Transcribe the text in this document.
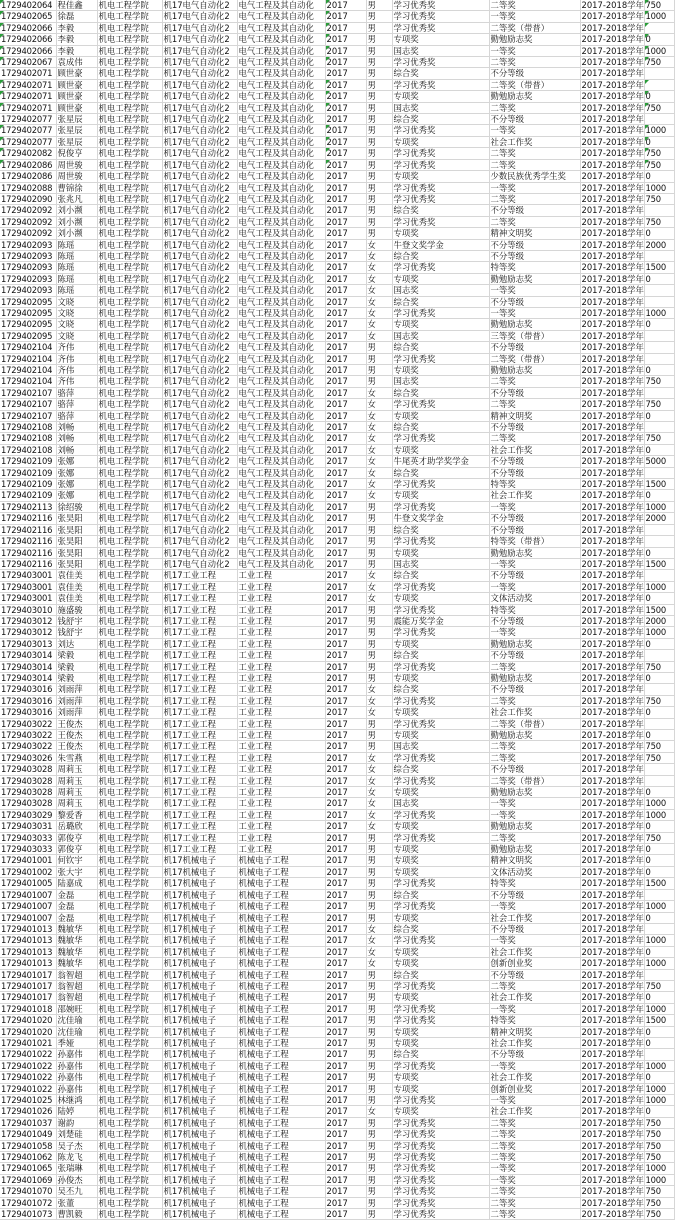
1729402064	程佳鑫	机电工程学院	机17电气自动化2	电气工程及其自动化	2017	男	学习优秀奖	二等奖	2017-2018学年	750
1729402065	徐磊	机电工程学院	机17电气自动化2	电气工程及其自动化	2017	男	学习优秀奖	一等奖	2017-2018学年	1000
1729402066	李毅	机电工程学院	机17电气自动化2	电气工程及其自动化	2017	男	学习优秀奖	二等奖（带普）	2017-2018学年	
1729402066	李毅	机电工程学院	机17电气自动化2	电气工程及其自动化	2017	男	专项奖	勤勉励志奖	2017-2018学年	0
1729402066	李毅	机电工程学院	机17电气自动化2	电气工程及其自动化	2017	男	国志奖	一等奖	2017-2018学年	1000
1729402067	袁成伟	机电工程学院	机17电气自动化2	电气工程及其自动化	2017	男	学习优秀奖	二等奖	2017-2018学年	750
1729402071	顾世豪	机电工程学院	机17电气自动化2	电气工程及其自动化	2017	男	综合奖	不分等级	2017-2018学年	
1729402071	顾世豪	机电工程学院	机17电气自动化2	电气工程及其自动化	2017	男	学习优秀奖	二等奖（带普）	2017-2018学年	
1729402071	顾世豪	机电工程学院	机17电气自动化2	电气工程及其自动化	2017	男	专项奖	勤勉励志奖	2017-2018学年	0
1729402071	顾世豪	机电工程学院	机17电气自动化2	电气工程及其自动化	2017	男	国志奖	二等奖	2017-2018学年	750
1729402077	张星辰	机电工程学院	机17电气自动化2	电气工程及其自动化	2017	男	综合奖	不分等级	2017-2018学年	
1729402077	张星辰	机电工程学院	机17电气自动化2	电气工程及其自动化	2017	男	学习优秀奖	一等奖	2017-2018学年	1000
1729402077	张星辰	机电工程学院	机17电气自动化2	电气工程及其自动化	2017	男	专项奖	社会工作奖	2017-2018学年	0
1729402082	倪俊亨	机电工程学院	机17电气自动化2	电气工程及其自动化	2017	男	学习优秀奖	二等奖	2017-2018学年	750
1729402086	周世骏	机电工程学院	机17电气自动化2	电气工程及其自动化	2017	男	学习优秀奖	二等奖	2017-2018学年	750
1729402086	周世骏	机电工程学院	机17电气自动化2	电气工程及其自动化	2017	男	专项奖	少数民族优秀学生奖	2017-2018学年	0
1729402088	曹锦徐	机电工程学院	机17电气自动化2	电气工程及其自动化	2017	男	学习优秀奖	一等奖	2017-2018学年	1000
1729402090	张兆凡	机电工程学院	机17电气自动化2	电气工程及其自动化	2017	男	学习优秀奖	二等奖	2017-2018学年	750
1729402092	刘小濒	机电工程学院	机17电气自动化2	电气工程及其自动化	2017	男	综合奖	不分等级	2017-2018学年	
1729402092	刘小濒	机电工程学院	机17电气自动化2	电气工程及其自动化	2017	男	学习优秀奖	二等奖	2017-2018学年	750
1729402092	刘小濒	机电工程学院	机17电气自动化2	电气工程及其自动化	2017	男	专项奖	精神文明奖	2017-2018学年	0
1729402093	陈瑶	机电工程学院	机17电气自动化2	电气工程及其自动化	2017	女	牛登文奖学金	不分等级	2017-2018学年	2000
1729402093	陈瑶	机电工程学院	机17电气自动化2	电气工程及其自动化	2017	女	综合奖	不分等级	2017-2018学年	
1729402093	陈瑶	机电工程学院	机17电气自动化2	电气工程及其自动化	2017	女	学习优秀奖	特等奖	2017-2018学年	1500
1729402093	陈瑶	机电工程学院	机17电气自动化2	电气工程及其自动化	2017	女	专项奖	勤勉励志奖	2017-2018学年	0
1729402093	陈瑶	机电工程学院	机17电气自动化2	电气工程及其自动化	2017	女	国志奖	一等奖	2017-2018学年	
1729402095	文晓	机电工程学院	机17电气自动化2	电气工程及其自动化	2017	女	综合奖	不分等级	2017-2018学年	
1729402095	文晓	机电工程学院	机17电气自动化2	电气工程及其自动化	2017	女	学习优秀奖	一等奖	2017-2018学年	1000
1729402095	文晓	机电工程学院	机17电气自动化2	电气工程及其自动化	2017	女	专项奖	勤勉励志奖	2017-2018学年	0
1729402095	文晓	机电工程学院	机17电气自动化2	电气工程及其自动化	2017	女	国志奖	三等奖（带普）	2017-2018学年	
1729402104	齐伟	机电工程学院	机17电气自动化2	电气工程及其自动化	2017	男	综合奖	不分等级	2017-2018学年	
1729402104	齐伟	机电工程学院	机17电气自动化2	电气工程及其自动化	2017	男	学习优秀奖	二等奖（带普）	2017-2018学年	
1729402104	齐伟	机电工程学院	机17电气自动化2	电气工程及其自动化	2017	男	专项奖	勤勉励志奖	2017-2018学年	0
1729402104	齐伟	机电工程学院	机17电气自动化2	电气工程及其自动化	2017	男	国志奖	二等奖	2017-2018学年	750
1729402107	骆萍	机电工程学院	机17电气自动化2	电气工程及其自动化	2017	女	综合奖	不分等级	2017-2018学年	
1729402107	骆萍	机电工程学院	机17电气自动化2	电气工程及其自动化	2017	女	学习优秀奖	二等奖	2017-2018学年	750
1729402107	骆萍	机电工程学院	机17电气自动化2	电气工程及其自动化	2017	女	专项奖	精神文明奖	2017-2018学年	0
1729402108	刘畅	机电工程学院	机17电气自动化2	电气工程及其自动化	2017	女	综合奖	不分等级	2017-2018学年	
1729402108	刘畅	机电工程学院	机17电气自动化2	电气工程及其自动化	2017	女	学习优秀奖	二等奖	2017-2018学年	750
1729402108	刘畅	机电工程学院	机17电气自动化2	电气工程及其自动化	2017	女	专项奖	社会工作奖	2017-2018学年	0
1729402109	张娜	机电工程学院	机17电气自动化2	电气工程及其自动化	2017	女	牛尾英才助学奖学金	不分等级	2017-2018学年	5000
1729402109	张娜	机电工程学院	机17电气自动化2	电气工程及其自动化	2017	女	综合奖	不分等级	2017-2018学年	
1729402109	张娜	机电工程学院	机17电气自动化2	电气工程及其自动化	2017	女	学习优秀奖	特等奖	2017-2018学年	1500
1729402109	张娜	机电工程学院	机17电气自动化2	电气工程及其自动化	2017	女	专项奖	社会工作奖	2017-2018学年	0
1729402113	徐绍骏	机电工程学院	机17电气自动化2	电气工程及其自动化	2017	男	学习优秀奖	一等奖	2017-2018学年	1000
1729402116	张昊阳	机电工程学院	机17电气自动化2	电气工程及其自动化	2017	男	牛登文奖学金	不分等级	2017-2018学年	2000
1729402116	张昊阳	机电工程学院	机17电气自动化2	电气工程及其自动化	2017	男	综合奖	不分等级	2017-2018学年	
1729402116	张昊阳	机电工程学院	机17电气自动化2	电气工程及其自动化	2017	男	学习优秀奖	特等奖（带普）	2017-2018学年	
1729402116	张昊阳	机电工程学院	机17电气自动化2	电气工程及其自动化	2017	男	专项奖	勤勉励志奖	2017-2018学年	0
1729402116	张昊阳	机电工程学院	机17电气自动化2	电气工程及其自动化	2017	男	国志奖	一等奖	2017-2018学年	1500
1729403001	袁佳美	机电工程学院	机17工业工程	工业工程	2017	女	综合奖	不分等级	2017-2018学年	
1729403001	袁佳美	机电工程学院	机17工业工程	工业工程	2017	女	学习优秀奖	一等奖	2017-2018学年	1000
1729403001	袁佳美	机电工程学院	机17工业工程	工业工程	2017	女	专项奖	文体活动奖	2017-2018学年	0
1729403010	施盛骏	机电工程学院	机17工业工程	工业工程	2017	男	学习优秀奖	特等奖	2017-2018学年	1500
1729403012	钱舒宇	机电工程学院	机17工业工程	工业工程	2017	男	震能万奖学金	不分等级	2017-2018学年	2000
1729403012	钱舒宇	机电工程学院	机17工业工程	工业工程	2017	男	学习优秀奖	一等奖	2017-2018学年	1000
1729403013	刘达	机电工程学院	机17工业工程	工业工程	2017	男	专项奖	勤勉励志奖	2017-2018学年	0
1729403014	梁毅	机电工程学院	机17工业工程	工业工程	2017	男	综合奖	不分等级	2017-2018学年	
1729403014	梁毅	机电工程学院	机17工业工程	工业工程	2017	男	学习优秀奖	二等奖	2017-2018学年	750
1729403014	梁毅	机电工程学院	机17工业工程	工业工程	2017	男	专项奖	勤勉励志奖	2017-2018学年	0
1729403016	刘雨萍	机电工程学院	机17工业工程	工业工程	2017	女	综合奖	不分等级	2017-2018学年	
1729403016	刘雨萍	机电工程学院	机17工业工程	工业工程	2017	女	学习优秀奖	二等奖	2017-2018学年	750
1729403016	刘雨萍	机电工程学院	机17工业工程	工业工程	2017	女	专项奖	社会工作奖	2017-2018学年	0
1729403022	王俊杰	机电工程学院	机17工业工程	工业工程	2017	男	学习优秀奖	二等奖（带普）	2017-2018学年	
1729403022	王俊杰	机电工程学院	机17工业工程	工业工程	2017	男	专项奖	勤勉励志奖	2017-2018学年	0
1729403022	王俊杰	机电工程学院	机17工业工程	工业工程	2017	男	国志奖	二等奖	2017-2018学年	750
1729403026	朱雪燕	机电工程学院	机17工业工程	工业工程	2017	女	学习优秀奖	二等奖	2017-2018学年	750
1729403028	周莉玉	机电工程学院	机17工业工程	工业工程	2017	女	综合奖	不分等级	2017-2018学年	
1729403028	周莉玉	机电工程学院	机17工业工程	工业工程	2017	女	学习优秀奖	二等奖（带普）	2017-2018学年	
1729403028	周莉玉	机电工程学院	机17工业工程	工业工程	2017	女	专项奖	勤勉励志奖	2017-2018学年	0
1729403028	周莉玉	机电工程学院	机17工业工程	工业工程	2017	女	国志奖	一等奖	2017-2018学年	1000
1729403029	黎爱香	机电工程学院	机17工业工程	工业工程	2017	女	学习优秀奖	一等奖	2017-2018学年	1000
1729403031	岳璐欣	机电工程学院	机17工业工程	工业工程	2017	女	专项奖	勤勉励志奖	2017-2018学年	0
1729403033	郭俊亨	机电工程学院	机17工业工程	工业工程	2017	男	学习优秀奖	二等奖	2017-2018学年	750
1729403033	郭俊亨	机电工程学院	机17工业工程	工业工程	2017	男	专项奖	勤勉励志奖	2017-2018学年	0
1729401001	何钦宇	机电工程学院	机17机械电子	机械电子工程	2017	男	专项奖	精神文明奖	2017-2018学年	0
1729401002	张大宇	机电工程学院	机17机械电子	机械电子工程	2017	男	专项奖	文体活动奖	2017-2018学年	0
1729401005	陆嘉成	机电工程学院	机17机械电子	机械电子工程	2017	男	学习优秀奖	特等奖	2017-2018学年	1500
1729401007	金磊	机电工程学院	机17机械电子	机械电子工程	2017	男	综合奖	不分等级	2017-2018学年	
1729401007	金磊	机电工程学院	机17机械电子	机械电子工程	2017	男	学习优秀奖	一等奖	2017-2018学年	1000
1729401007	金磊	机电工程学院	机17机械电子	机械电子工程	2017	男	专项奖	社会工作奖	2017-2018学年	0
1729401013	魏敏华	机电工程学院	机17机械电子	机械电子工程	2017	女	综合奖	不分等级	2017-2018学年	
1729401013	魏敏华	机电工程学院	机17机械电子	机械电子工程	2017	女	学习优秀奖	一等奖	2017-2018学年	1000
1729401013	魏敏华	机电工程学院	机17机械电子	机械电子工程	2017	女	专项奖	社会工作奖	2017-2018学年	0
1729401013	魏敏华	机电工程学院	机17机械电子	机械电子工程	2017	女	专项奖	创新创业奖	2017-2018学年	1000
1729401017	翁智超	机电工程学院	机17机械电子	机械电子工程	2017	男	综合奖	不分等级	2017-2018学年	
1729401017	翁智超	机电工程学院	机17机械电子	机械电子工程	2017	男	学习优秀奖	二等奖	2017-2018学年	750
1729401017	翁智超	机电工程学院	机17机械电子	机械电子工程	2017	男	专项奖	社会工作奖	2017-2018学年	0
1729401018	邵婉旺	机电工程学院	机17机械电子	机械电子工程	2017	男	学习优秀奖	一等奖	2017-2018学年	1000
1729401020	沈佳瑜	机电工程学院	机17机械电子	机械电子工程	2017	男	学习优秀奖	特等奖	2017-2018学年	1500
1729401020	沈佳瑜	机电工程学院	机17机械电子	机械电子工程	2017	男	专项奖	精神文明奖	2017-2018学年	0
1729401021	季娅	机电工程学院	机17机械电子	机械电子工程	2017	男	专项奖	社会工作奖	2017-2018学年	0
1729401022	孙嘉伟	机电工程学院	机17机械电子	机械电子工程	2017	男	综合奖	不分等级	2017-2018学年	
1729401022	孙嘉伟	机电工程学院	机17机械电子	机械电子工程	2017	男	学习优秀奖	一等奖	2017-2018学年	1000
1729401022	孙嘉伟	机电工程学院	机17机械电子	机械电子工程	2017	男	专项奖	社会工作奖	2017-2018学年	0
1729401022	孙嘉伟	机电工程学院	机17机械电子	机械电子工程	2017	男	专项奖	创新创业奖	2017-2018学年	1000
1729401025	林继鸿	机电工程学院	机17机械电子	机械电子工程	2017	男	学习优秀奖	一等奖	2017-2018学年	1000
1729401026	陆婷	机电工程学院	机17机械电子	机械电子工程	2017	女	专项奖	社会工作奖	2017-2018学年	0
1729401037	谢韵	机电工程学院	机17机械电子	机械电子工程	2017	男	学习优秀奖	二等奖	2017-2018学年	750
1729401049	刘楚硅	机电工程学院	机17机械电子	机械电子工程	2017	男	学习优秀奖	二等奖	2017-2018学年	750
1729401058	吴子杰	机电工程学院	机17机械电子	机械电子工程	2017	男	学习优秀奖	二等奖	2017-2018学年	750
1729401062	陈龙飞	机电工程学院	机17机械电子	机械电子工程	2017	男	学习优秀奖	二等奖	2017-2018学年	750
1729401065	张瑞琳	机电工程学院	机17机械电子	机械电子工程	2017	男	学习优秀奖	一等奖	2017-2018学年	1000
1729401069	孙俊杰	机电工程学院	机17机械电子	机械电子工程	2017	男	学习优秀奖	一等奖	2017-2018学年	1000
1729401070	吴丕九	机电工程学院	机17机械电子	机械电子工程	2017	男	学习优秀奖	二等奖	2017-2018学年	750
1729401072	张董	机电工程学院	机17机械电子	机械电子工程	2017	男	学习优秀奖	二等奖	2017-2018学年	750
1729401073	曹凯毅	机电工程学院	机17机械电子	机械电子工程	2017	男	学习优秀奖	二等奖	2017-2018学年	750
